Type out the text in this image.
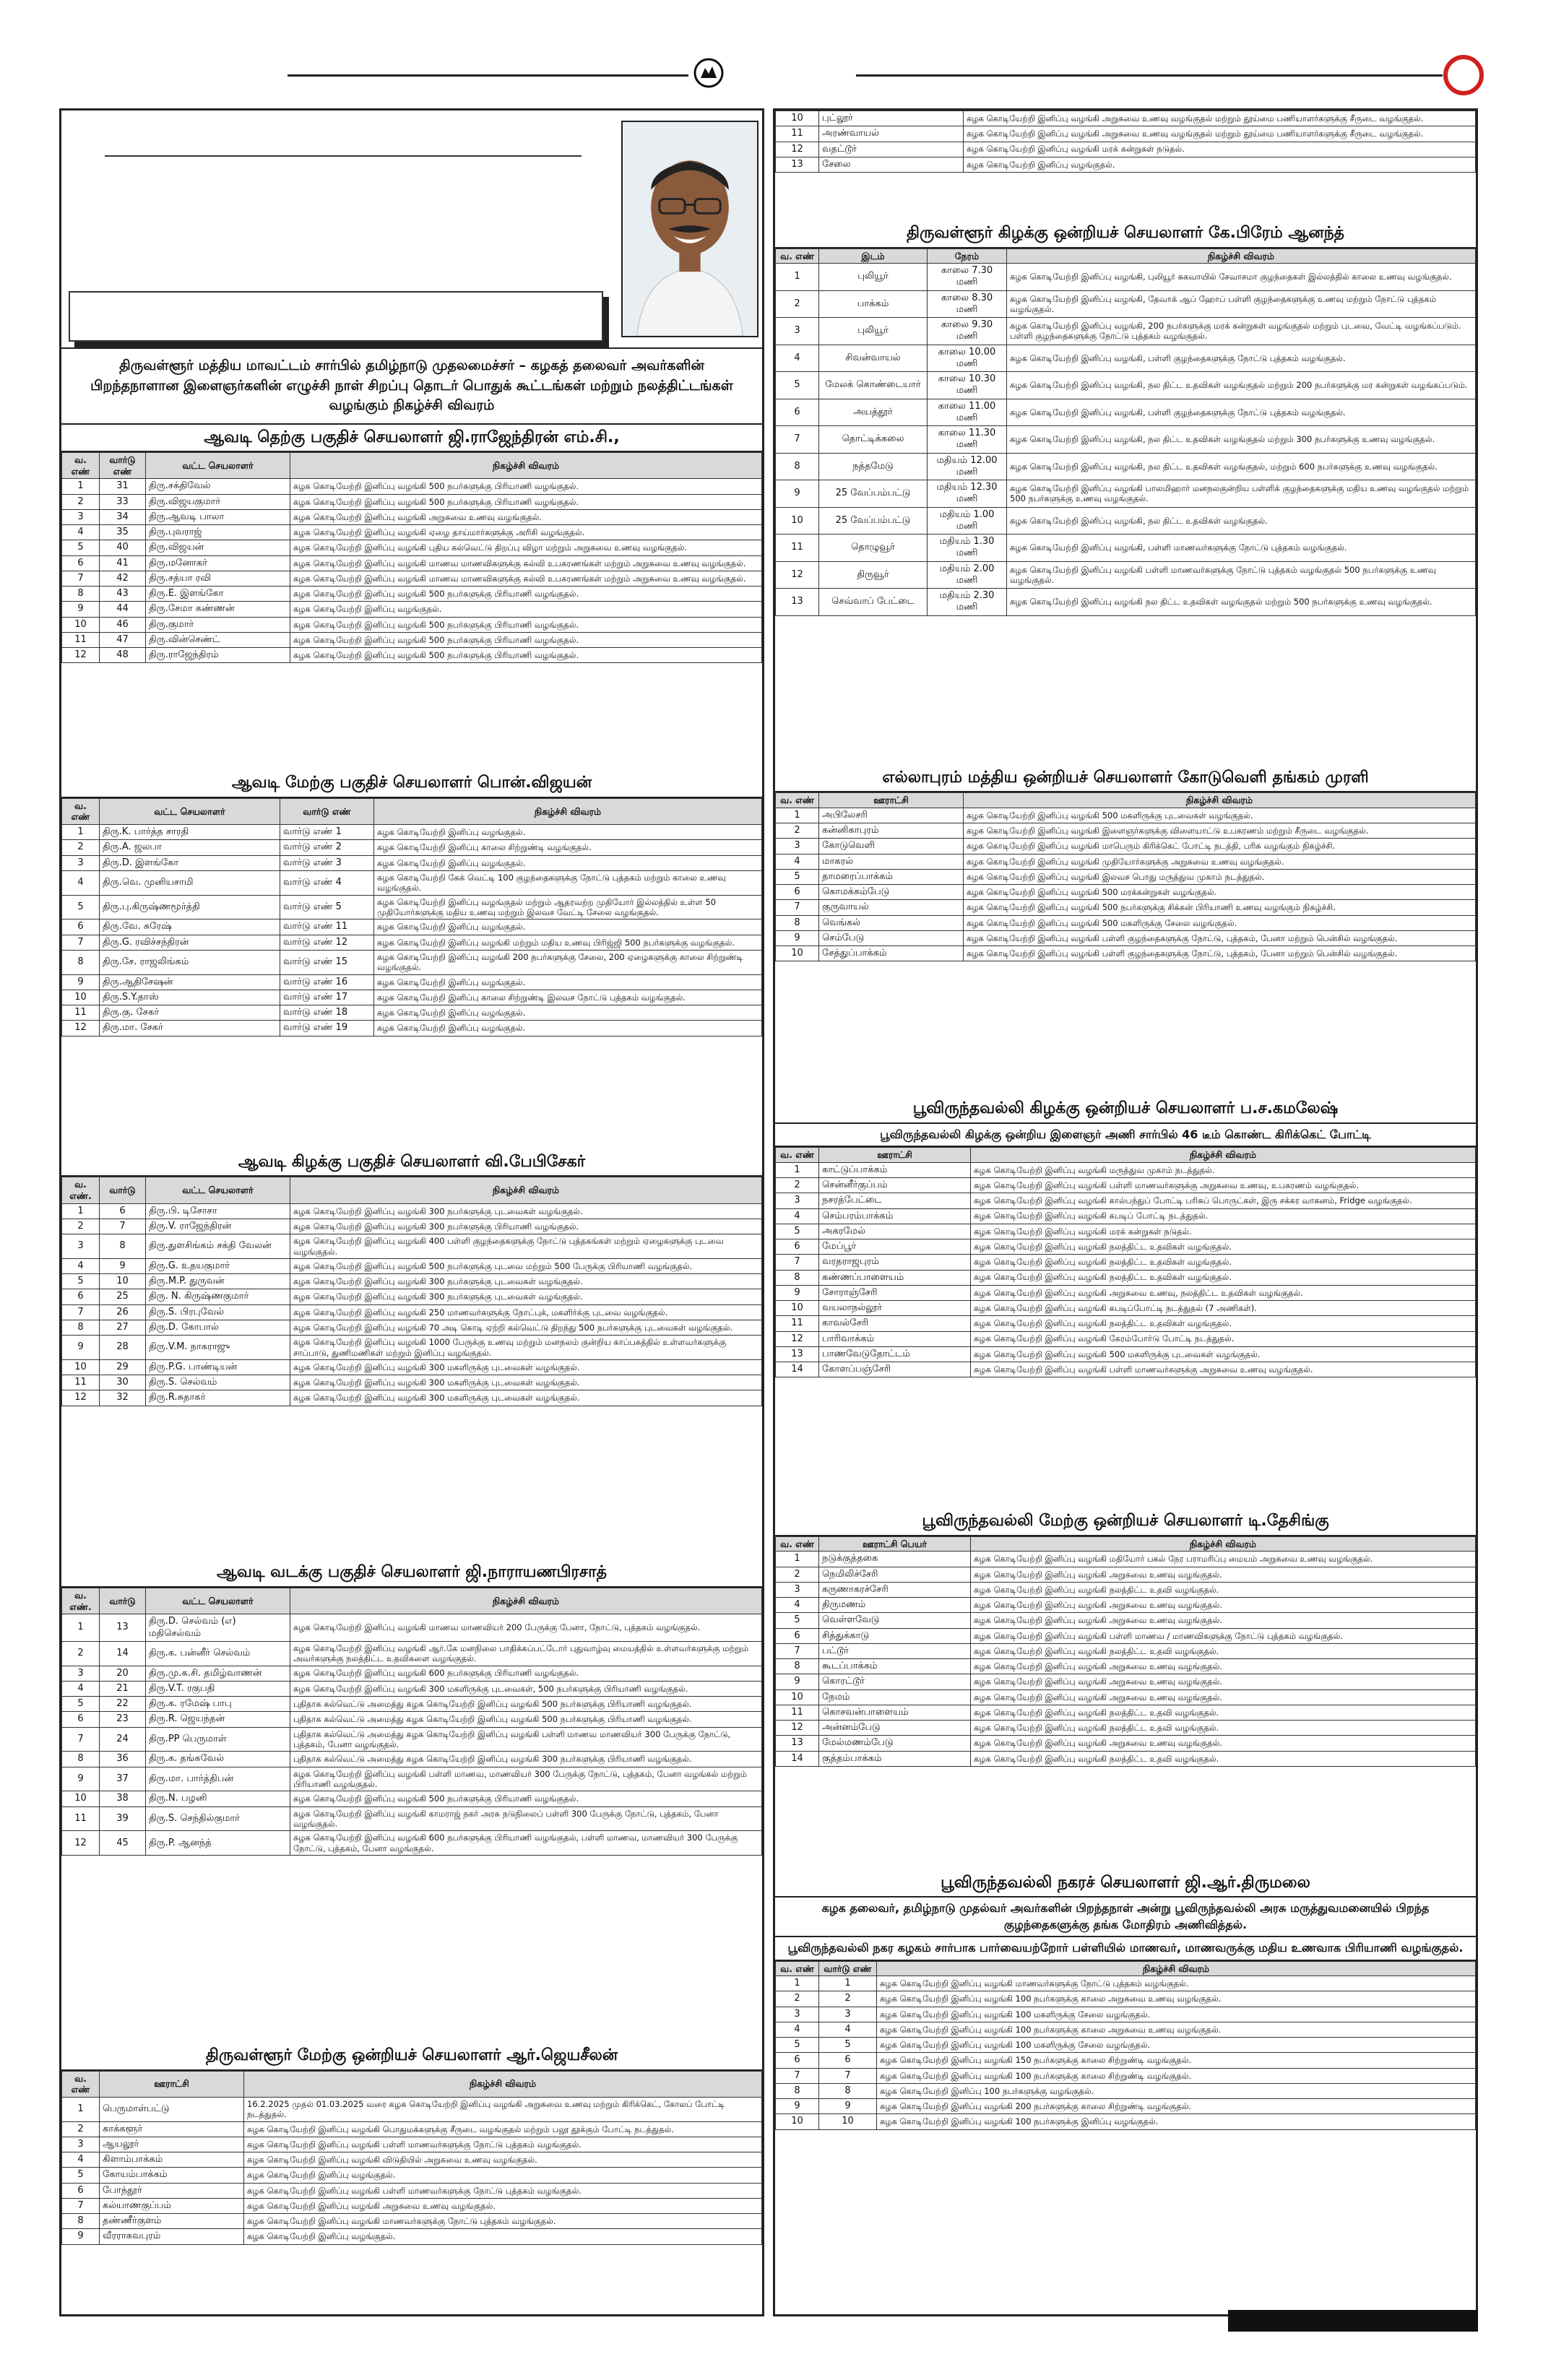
திருவள்ளூர் மத்திய மாவட்டம் சார்பில் தமிழ்நாடு முதலமைச்சர் – கழகத் தலைவர் அவர்களின் பிறந்தநாளான இளைஞர்களின் எழுச்சி நாள் சிறப்பு தொடர் பொதுக் கூட்டங்கள் மற்றும் நலத்திட்டங்கள் வழங்கும் நிகழ்ச்சி விவரம்
ஆவடி தெற்கு பகுதிச் செயலாளர் ஜி.ராஜேந்திரன் எம்.சி.,
வ. எண்	வார்டு எண்	வட்ட செயலாளர்	நிகழ்ச்சி விவரம்
1	31	திரு.சக்திவேல்	கழக கொடியேற்றி இனிப்பு வழங்கி 500 நபர்களுக்கு பிரியாணி வழங்குதல்.
2	33	திரு.விஜயகுமார்	கழக கொடியேற்றி இனிப்பு வழங்கி 500 நபர்களுக்கு பிரியாணி வழங்குதல்.
3	34	திரு.ஆவடி பாலா	கழக கொடியேற்றி இனிப்பு வழங்கி அறுசுவை உணவு வழங்குதல்.
4	35	திரு.புவராஜ்	கழக கொடியேற்றி இனிப்பு வழங்கி ஏழை தாய்மார்களுக்கு அரிசி வழங்குதல்.
5	40	திரு.விஜயன்	கழக கொடியேற்றி இனிப்பு வழங்கி புதிய கல்வெட்டு திறப்பு விழா மற்றும் அறுசுவை உணவு வழங்குதல்.
6	41	திரு.மனோகர்	கழக கொடியேற்றி இனிப்பு வழங்கி மாணவ மாணவிகளுக்கு கல்வி உபகரணங்கள் மற்றும் அறுசுவை உணவு வழங்குதல்.
7	42	திரு.சத்யா ரவி	கழக கொடியேற்றி இனிப்பு வழங்கி மாணவ மாணவிகளுக்கு கல்வி உபகரணங்கள் மற்றும் அறுசுவை உணவு வழங்குதல்.
8	43	திரு.E. இளங்கோ	கழக கொடியேற்றி இனிப்பு வழங்கி 500 நபர்களுக்கு பிரியாணி வழங்குதல்.
9	44	திரு.சேமா கண்ணன்	கழக கொடியேற்றி இனிப்பு வழங்குதல்.
10	46	திரு.குமார்	கழக கொடியேற்றி இனிப்பு வழங்கி 500 நபர்களுக்கு பிரியாணி வழங்குதல்.
11	47	திரு.வின்செண்ட்	கழக கொடியேற்றி இனிப்பு வழங்கி 500 நபர்களுக்கு பிரியாணி வழங்குதல்.
12	48	திரு.ராஜேந்திரம்	கழக கொடியேற்றி இனிப்பு வழங்கி 500 நபர்களுக்கு பிரியாணி வழங்குதல்.
ஆவடி மேற்கு பகுதிச் செயலாளர் பொன்.விஜயன்
வ. எண்	வட்ட செயலாளர்	வார்டு எண்	நிகழ்ச்சி விவரம்
1	திரு.K. பார்த்த சாரதி	வார்டு எண் 1	கழக கொடியேற்றி இனிப்பு வழங்குதல்.
2	திரு.A. ஜலபா	வார்டு எண் 2	கழக கொடியேற்றி இனிப்பு காலை சிற்றுண்டி வழங்குதல்.
3	திரு.D. இளங்கோ	வார்டு எண் 3	கழக கொடியேற்றி இனிப்பு வழங்குதல்.
4	திரு.வெ. முனியசாமி	வார்டு எண் 4	கழக கொடியேற்றி கேக் வெட்டி 100 குழந்தைகளுக்கு நோட்டு புத்தகம் மற்றும் காலை உணவு வழங்குதல்.
5	திரு.பு.கிருஷ்ணமூர்த்தி	வார்டு எண் 5	கழக கொடியேற்றி இனிப்பு வழங்குதல் மற்றும் ஆதரவற்ற முதியோர் இல்லத்தில் உள்ள 50 முதியோர்களுக்கு மதிய உணவு மற்றும் இலவச வேட்டி சேலை வழங்குதல்.
6	திரு.வே. சுரேஷ்	வார்டு எண் 11	கழக கொடியேற்றி இனிப்பு வழங்குதல்.
7	திரு.G. ரவிச்சந்திரன்	வார்டு எண் 12	கழக கொடியேற்றி இனிப்பு வழங்கி மற்றும் மதிய உணவு பிரிஜ்ஜி 500 நபர்களுக்கு வழங்குதல்.
8	திரு.சே. ராஜலிங்கம்	வார்டு எண் 15	கழக கொடியேற்றி இனிப்பு வழங்கி 200 நபர்களுக்கு சேலை, 200 ஏழைகளுக்கு காலை சிற்றுண்டி வழங்குதல்.
9	திரு.ஆதிசேஷன்	வார்டு எண் 16	கழக கொடியேற்றி இனிப்பு வழங்குதல்.
10	திரு.S.Y.தாஸ்	வார்டு எண் 17	கழக கொடியேற்றி இனிப்பு காலை சிற்றுண்டி இலவச நோட்டு புத்தகம் வழங்குதல்.
11	திரு.கு. சேகர்	வார்டு எண் 18	கழக கொடியேற்றி இனிப்பு வழங்குதல்.
12	திரு.மா. சேகர்	வார்டு எண் 19	கழக கொடியேற்றி இனிப்பு வழங்குதல்.
ஆவடி கிழக்கு பகுதிச் செயலாளர் வி.பேபிசேகர்
வ. எண்.	வார்டு	வட்ட செயலாளர்	நிகழ்ச்சி விவரம்
1	6	திரு.பி. டிசோசா	கழக கொடியேற்றி இனிப்பு வழங்கி 300 நபர்களுக்கு புடவைகள் வழங்குதல்.
2	7	திரு.V. ராஜேந்திரன்	கழக கொடியேற்றி இனிப்பு வழங்கி 300 நபர்களுக்கு பிரியாணி வழங்குதல்.
3	8	திரு.துளசிங்கம் சக்தி வேலன்	கழக கொடியேற்றி இனிப்பு வழங்கி 400 பள்ளி குழந்தைகளுக்கு நோட்டு புத்தகங்கள் மற்றும் ஏழைகளுக்கு புடவை வழங்குதல்.
4	9	திரு.G. உதயகுமார்	கழக கொடியேற்றி இனிப்பு வழங்கி 500 நபர்களுக்கு புடவை மற்றும் 500 பேருக்கு பிரியாணி வழங்குதல்.
5	10	திரு.M.P. துருவன்	கழக கொடியேற்றி இனிப்பு வழங்கி 300 நபர்களுக்கு புடவைகள் வழங்குதல்.
6	25	திரு. N. கிருஷ்ணகுமார்	கழக கொடியேற்றி இனிப்பு வழங்கி 300 நபர்களுக்கு புடவைகள் வழங்குதல்.
7	26	திரு.S. பிரபுவேல்	கழக கொடியேற்றி இனிப்பு வழங்கி 250 மாணவர்களுக்கு நோட்புக், மகளிர்க்கு புடவை வழங்குதல்.
8	27	திரு.D. கோபால்	கழக கொடியேற்றி இனிப்பு வழங்கி 70 அடி கொடி ஏற்றி கல்வெட்டு திறந்து 500 நபர்களுக்கு புடவைகள் வழங்குதல்.
9	28	திரு.V.M. நாகராஜு	கழக கொடியேற்றி இனிப்பு வழங்கி 1000 பேருக்கு உணவு மற்றும் மனநலம் குன்றிய காப்பகத்தில் உள்ளவர்களுக்கு சாப்பாடு, துணிமணிகள் மற்றும் இனிப்பு வழங்குதல்.
10	29	திரு.P.G. பாண்டியன்	கழக கொடியேற்றி இனிப்பு வழங்கி 300 மகளிருக்கு புடவைகள் வழங்குதல்.
11	30	திரு.S. செல்வம்	கழக கொடியேற்றி இனிப்பு வழங்கி 300 மகளிருக்கு புடவைகள் வழங்குதல்.
12	32	திரு.R.சுதாகர்	கழக கொடியேற்றி இனிப்பு வழங்கி 300 மகளிருக்கு புடவைகள் வழங்குதல்.
ஆவடி வடக்கு பகுதிச் செயலாளர் ஜி.நாராயணபிரசாத்
வ. எண்.	வார்டு	வட்ட செயலாளர்	நிகழ்ச்சி விவரம்
1	13	திரு.D. செல்வம் (எ) மதிசெல்வம்	கழக கொடியேற்றி இனிப்பு வழங்கி மாணவ மாணவியர் 200 பேருக்கு பேனா, நோட்டு, புத்தகம் வழங்குதல்.
2	14	திரு.க. பன்னீர் செல்வம்	கழக கொடியேற்றி இனிப்பு வழங்கி ஆர்.கே மனநிலை பாதிக்கப்பட்டோர் புதுவாழ்வு மையத்தில் உள்ளவர்களுக்கு மற்றும் அவர்களுக்கு நலத்திட்ட உதவிகளை வழங்குதல்.
3	20	திரு.மு.க.சி. தமிழ்வாணன்	கழக கொடியேற்றி இனிப்பு வழங்கி 600 நபர்களுக்கு பிரியாணி வழங்குதல்.
4	21	திரு.V.T. ரகுபதி	கழக கொடியேற்றி இனிப்பு வழங்கி 300 மகளிருக்கு புடவைகள், 500 நபர்களுக்கு பிரியாணி வழங்குதல்.
5	22	திரு.க. ரமேஷ் பாபு	புதிதாக கல்வெட்டு அமைத்து கழக கொடியேற்றி இனிப்பு வழங்கி 500 நபர்களுக்கு பிரியாணி வழங்குதல்.
6	23	திரு.R. ஜெயந்தன்	புதிதாக கல்வெட்டு அமைத்து கழக கொடியேற்றி இனிப்பு வழங்கி 500 நபர்களுக்கு பிரியாணி வழங்குதல்.
7	24	திரு.PP பெருமாள்	புதிதாக கல்வெட்டு அமைத்து கழக கொடியேற்றி இனிப்பு வழங்கி பள்ளி மாணவ மாணவியர் 300 பேருக்கு நோட்டு, புத்தகம், பேனா வழங்குதல்.
8	36	திரு.க. தங்கவேல்	புதிதாக கல்வெட்டு அமைத்து கழக கொடியேற்றி இனிப்பு வழங்கி 300 நபர்களுக்கு பிரியாணி வழங்குதல்.
9	37	திரு.மா. பார்த்திபன்	கழக கொடியேற்றி இனிப்பு வழங்கி பள்ளி மாணவ, மாணவியர் 300 பேருக்கு நோட்டு, புத்தகம், பேனா வழங்கல் மற்றும் பிரியாணி வழங்குதல்.
10	38	திரு.N. பழனி	கழக கொடியேற்றி இனிப்பு வழங்கி 500 நபர்களுக்கு பிரியாணி வழங்குதல்.
11	39	திரு.S. செந்தில்குமார்	கழக கொடியேற்றி இனிப்பு வழங்கி காமராஜ் நகர் அரசு நடுநிலைப் பள்ளி 300 பேருக்கு நோட்டு, புத்தகம், பேனா வழங்குதல்.
12	45	திரு.P. ஆனந்த்	கழக கொடியேற்றி இனிப்பு வழங்கி 600 நபர்களுக்கு பிரியாணி வழங்குதல், பள்ளி மாணவ, மாணவியர் 300 பேருக்கு நோட்டு, புத்தகம், பேனா வழங்குதல்.
திருவள்ளூர் மேற்கு ஒன்றியச் செயலாளர் ஆர்.ஜெயசீலன்
வ. எண்	ஊராட்சி	நிகழ்ச்சி விவரம்
1	பெருமாள்பட்டு	16.2.2025 முதல் 01.03.2025 வரை கழக கொடியேற்றி இனிப்பு வழங்கி அறுசுவை உணவு மற்றும் கிரிக்கெட், கோலப் போட்டி நடத்துதல்.
2	காக்களூர்	கழக கொடியேற்றி இனிப்பு வழங்கி பொதுமக்களுக்கு சீருடை வழங்குதல் மற்றும் பலூ தூக்கும் போட்டி நடத்துதல்.
3	ஆயலூர்	கழக கொடியேற்றி இனிப்பு வழங்கி பள்ளி மாணவர்களுக்கு நோட்டு புத்தகம் வழங்குதல்.
4	கிளாம்பாக்கம்	கழக கொடியேற்றி இனிப்பு வழங்கி விடுதியில் அறுசுவை உணவு வழங்குதல்.
5	கோயம்பாக்கம்	கழக கொடியேற்றி இனிப்பு வழங்குதல்.
6	போந்தூர்	கழக கொடியேற்றி இனிப்பு வழங்கி பள்ளி மாணவர்களுக்கு நோட்டு புத்தகம் வழங்குதல்.
7	கல்யாணகுப்பம்	கழக கொடியேற்றி இனிப்பு வழங்கி அறுசுவை உணவு வழங்குதல்.
8	தண்ணீர்குளம்	கழக கொடியேற்றி இனிப்பு வழங்கி மாணவர்களுக்கு நோட்டு புத்தகம் வழங்குதல்.
9	வீரராகவபுரம்	கழக கொடியேற்றி இனிப்பு வழங்குதல்.
10	புட்லூர்	கழக கொடியேற்றி இனிப்பு வழங்கி அறுசுவை உணவு வழங்குதல் மற்றும் தூய்மை பணியாளர்களுக்கு சீருடை வழங்குதல்.
11	அரண்வாயல்	கழக கொடியேற்றி இனிப்பு வழங்கி அறுசுவை உணவு வழங்குதல் மற்றும் தூய்மை பணியாளர்களுக்கு சீருடை வழங்குதல்.
12	வதட்டூர்	கழக கொடியேற்றி இனிப்பு வழங்கி மரக் கன்றுகள் நடுதல்.
13	சேலை	கழக கொடியேற்றி இனிப்பு வழங்குதல்.
திருவள்ளூர் கிழக்கு ஒன்றியச் செயலாளர் கே.பிரேம் ஆனந்த்
வ. எண்	இடம்	நேரம்	நிகழ்ச்சி விவரம்
1	புலியூர்	காலை 7.30 மணி	கழக கொடியேற்றி இனிப்பு வழங்கி, புலியூர் சுகவாயில் சேவாசமா குழந்தைகள் இல்லத்தில் காலை உணவு வழங்குதல்.
2	பாக்கம்	காலை 8.30 மணி	கழக கொடியேற்றி இனிப்பு வழங்கி, தேவாக் ஆப் ஹோப் பள்ளி குழந்தைகளுக்கு உணவு மற்றும் நோட்டு புத்தகம் வழங்குதல்.
3	புலியூர்	காலை 9.30 மணி	கழக கொடியேற்றி இனிப்பு வழங்கி, 200 நபர்களுக்கு மரக் கன்றுகள் வழங்குதல் மற்றும் புடவை, வேட்டி வழங்கப்படும். பள்ளி குழந்தைகளுக்கு நோட்டு புத்தகம் வழங்குதல்.
4	சிவன்வாயல்	காலை 10.00 மணி	கழக கொடியேற்றி இனிப்பு வழங்கி, பள்ளி குழந்தைகளுக்கு நோட்டு புத்தகம் வழங்குதல்.
5	மேலக் கொண்டையார்	காலை 10.30 மணி	கழக கொடியேற்றி இனிப்பு வழங்கி, நல திட்ட உதவிகள் வழங்குதல் மற்றும் 200 நபர்களுக்கு மர கன்றுகள் வழங்கப்படும்.
6	அயத்தூர்	காலை 11.00 மணி	கழக கொடியேற்றி இனிப்பு வழங்கி, பள்ளி குழந்தைகளுக்கு நோட்டு புத்தகம் வழங்குதல்.
7	தொட்டிக்கலை	காலை 11.30 மணி	கழக கொடியேற்றி இனிப்பு வழங்கி, நல திட்ட உதவிகள் வழங்குதல் மற்றும் 300 நபர்களுக்கு உணவு வழங்குதல்.
8	நத்தமேடு	மதியம் 12.00 மணி	கழக கொடியேற்றி இனிப்பு வழங்கி, நல திட்ட உதவிகள் வழங்குதல், மற்றும் 600 நபர்களுக்கு உணவு வழங்குதல்.
9	25 வேப்பம்பட்டு	மதியம் 12.30 மணி	கழக கொடியேற்றி இனிப்பு வழங்கி பாலமிஹார் மனநலகுன்றிய பள்ளிக் குழந்தைகளுக்கு மதிய உணவு வழங்குதல் மற்றும் 500 நபர்களுக்கு உணவு வழங்குதல்.
10	25 வேப்பம்பட்டு	மதியம் 1.00 மணி	கழக கொடியேற்றி இனிப்பு வழங்கி, நல திட்ட உதவிகள் வழங்குதல்.
11	தொழுவூர்	மதியம் 1.30 மணி	கழக கொடியேற்றி இனிப்பு வழங்கி, பள்ளி மாணவர்களுக்கு நோட்டு புத்தகம் வழங்குதல்.
12	திருவூர்	மதியம் 2.00 மணி	கழக கொடியேற்றி இனிப்பு வழங்கி பள்ளி மாணவர்களுக்கு நோட்டு புத்தகம் வழங்குதல் 500 நபர்களுக்கு உணவு வழங்குதல்.
13	செவ்வாப் பேட்டை	மதியம் 2.30 மணி	கழக கொடியேற்றி இனிப்பு வழங்கி நல திட்ட உதவிகள் வழங்குதல் மற்றும் 500 நபர்களுக்கு உணவு வழங்குதல்.
எல்லாபுரம் மத்திய ஒன்றியச் செயலாளர் கோடுவெளி தங்கம் முரளி
வ. எண்	ஊராட்சி	நிகழ்ச்சி விவரம்
1	அபிலேசரி	கழக கொடியேற்றி இனிப்பு வழங்கி 500 மகளிருக்கு புடவைகள் வழங்குதல்.
2	கன்னிகாபுரம்	கழக கொடியேற்றி இனிப்பு வழங்கி இளைஞர்களுக்கு விளையாட்டு உபகரணம் மற்றும் சீருடை வழங்குதல்.
3	கோடுவெளி	கழக கொடியேற்றி இனிப்பு வழங்கி மாபெரும் கிரிக்கெட் போட்டி நடத்தி, பரிசு வழங்கும் நிகழ்ச்சி.
4	மாகரல்	கழக கொடியேற்றி இனிப்பு வழங்கி முதியோர்களுக்கு அறுசுவை உணவு வழங்குதல்.
5	தாமரைப்பாக்கம்	கழக கொடியேற்றி இனிப்பு வழங்கி இலவச பொது மருத்துவ முகாம் நடத்துதல்.
6	கொமக்கம்பேடு	கழக கொடியேற்றி இனிப்பு வழங்கி 500 மரக்கன்றுகள் வழங்குதல்.
7	குருவாயல்	கழக கொடியேற்றி இனிப்பு வழங்கி 500 நபர்களுக்கு சிக்கன் பிரியாணி உணவு வழங்கும் நிகழ்ச்சி.
8	வெங்கல்	கழக கொடியேற்றி இனிப்பு வழங்கி 500 மகளிருக்கு சேலை வழங்குதல்.
9	செம்பேடு	கழக கொடியேற்றி இனிப்பு வழங்கி பள்ளி குழந்தைகளுக்கு நோட்டு, புத்தகம், பேனா மற்றும் பென்சில் வழங்குதல்.
10	சேத்துப்பாக்கம்	கழக கொடியேற்றி இனிப்பு வழங்கி பள்ளி குழந்தைகளுக்கு நோட்டு, புத்தகம், பேனா மற்றும் பென்சில் வழங்குதல்.
பூவிருந்தவல்லி கிழக்கு ஒன்றியச் செயலாளர் ப.ச.கமலேஷ்
பூவிருந்தவல்லி கிழக்கு ஒன்றிய இளைஞர் அணி சார்பில் 46 டீம் கொண்ட கிரிக்கெட் போட்டி
வ. எண்	ஊராட்சி	நிகழ்ச்சி விவரம்
1	காட்டுப்பாக்கம்	கழக கொடியேற்றி இனிப்பு வழங்கி மருத்துவ முகாம் நடத்துதல்.
2	சென்னீர்குப்பம்	கழக கொடியேற்றி இனிப்பு வழங்கி பள்ளி மாணவர்களுக்கு அறுசுவை உணவு, உபகரணம் வழங்குதல்.
3	நசரத்பேட்டை	கழக கொடியேற்றி இனிப்பு வழங்கி கால்பந்துப் போட்டி பரிசுப் பொருட்கள், இரு சக்கர வாகனம், Fridge வழங்குதல்.
4	செம்பரம்பாக்கம்	கழக கொடியேற்றி இனிப்பு வழங்கி கபடிப் போட்டி நடத்துதல்.
5	அகரமேல்	கழக கொடியேற்றி இனிப்பு வழங்கி மரக் கன்றுகள் நடுதல்.
6	மேப்பூர்	கழக கொடியேற்றி இனிப்பு வழங்கி நலத்திட்ட உதவிகள் வழங்குதல்.
7	வரதராஜபுரம்	கழக கொடியேற்றி இனிப்பு வழங்கி நலத்திட்ட உதவிகள் வழங்குதல்.
8	கண்ணப்பாளையம்	கழக கொடியேற்றி இனிப்பு வழங்கி நலத்திட்ட உதவிகள் வழங்குதல்.
9	சோராஞ்சேரி	கழக கொடியேற்றி இனிப்பு வழங்கி அறுசுவை உணவு, நலத்திட்ட உதவிகள் வழங்குதல்.
10	வயலாநல்லூர்	கழக கொடியேற்றி இனிப்பு வழங்கி கபடிப்போட்டி நடத்துதல் (7 அணிகள்).
11	காவல்சேரி	கழக கொடியேற்றி இனிப்பு வழங்கி நலத்திட்ட உதவிகள் வழங்குதல்.
12	பாரிவாக்கம்	கழக கொடியேற்றி இனிப்பு வழங்கி கேரம்போர்டு போட்டி நடத்துதல்.
13	பாணவேடுதோட்டம்	கழக கொடியேற்றி இனிப்பு வழங்கி 500 மகளிருக்கு புடவைகள் வழங்குதல்.
14	கோளப்பஞ்சேரி	கழக கொடியேற்றி இனிப்பு வழங்கி பள்ளி மாணவர்களுக்கு அறுசுவை உணவு வழங்குதல்.
பூவிருந்தவல்லி மேற்கு ஒன்றியச் செயலாளர் டி.தேசிங்கு
வ. எண்	ஊராட்சி பெயர்	நிகழ்ச்சி விவரம்
1	நடுக்குத்தகை	கழக கொடியேற்றி இனிப்பு வழங்கி மதியோர் பகல் நேர பராமரிப்பு மையம் அறுசுவை உணவு வழங்குதல்.
2	நெமிலிச்சேரி	கழக கொடியேற்றி இனிப்பு வழங்கி அறுசுவை உணவு வழங்குதல்.
3	கருணாகரச்சேரி	கழக கொடியேற்றி இனிப்பு வழங்கி நலத்திட்ட உதவி வழங்குதல்.
4	திருமணம்	கழக கொடியேற்றி இனிப்பு வழங்கி அறுசுவை உணவு வழங்குதல்.
5	வெள்ளவேடு	கழக கொடியேற்றி இனிப்பு வழங்கி அறுசுவை உணவு வழங்குதல்.
6	சித்துக்காடு	கழக கொடியேற்றி இனிப்பு வழங்கி பள்ளி மாணவ / மாணவிகளுக்கு நோட்டு புத்தகம் வழங்குதல்.
7	பட்டூர்	கழக கொடியேற்றி இனிப்பு வழங்கி நலத்திட்ட உதவி வழங்குதல்.
8	கூடப்பாக்கம்	கழக கொடியேற்றி இனிப்பு வழங்கி அறுசுவை உணவு வழங்குதல்.
9	கொரட்டூர்	கழக கொடியேற்றி இனிப்பு வழங்கி அறுசுவை உணவு வழங்குதல்.
10	நேமம்	கழக கொடியேற்றி இனிப்பு வழங்கி அறுசுவை உணவு வழங்குதல்.
11	கொசவன்பாளையம்	கழக கொடியேற்றி இனிப்பு வழங்கி நலத்திட்ட உதவி வழங்குதல்.
12	அன்னம்பேடு	கழக கொடியேற்றி இனிப்பு வழங்கி நலத்திட்ட உதவி வழங்குதல்.
13	மேல்மணம்பேடு	கழக கொடியேற்றி இனிப்பு வழங்கி அறுசுவை உணவு வழங்குதல்.
14	குத்தம்பாக்கம்	கழக கொடியேற்றி இனிப்பு வழங்கி நலத்திட்ட உதவி வழங்குதல்.
பூவிருந்தவல்லி நகரச் செயலாளர் ஜி.ஆர்.திருமலை
கழக தலைவர், தமிழ்நாடு முதல்வர் அவர்களின் பிறந்தநாள் அன்று பூவிருந்தவல்லி அரசு மருத்துவமனையில் பிறந்த குழந்தைகளுக்கு தங்க மோதிரம் அணிவித்தல்.
பூவிருந்தவல்லி நகர கழகம் சார்பாக பார்வையற்றோர் பள்ளியில் மாணவர், மாணவருக்கு மதிய உணவாக பிரியாணி வழங்குதல்.
வ. எண்	வார்டு எண்	நிகழ்ச்சி விவரம்
1	1	கழக கொடியேற்றி இனிப்பு வழங்கி மாணவர்களுக்கு நோட்டு புத்தகம் வழங்குதல்.
2	2	கழக கொடியேற்றி இனிப்பு வழங்கி 100 நபர்களுக்கு காலை அறுசுவை உணவு வழங்குதல்.
3	3	கழக கொடியேற்றி இனிப்பு வழங்கி 100 மகளிருக்கு சேலை வழங்குதல்.
4	4	கழக கொடியேற்றி இனிப்பு வழங்கி 100 நபர்களுக்கு காலை அறுசுவை உணவு வழங்குதல்.
5	5	கழக கொடியேற்றி இனிப்பு வழங்கி 100 மகளிருக்கு சேலை வழங்குதல்.
6	6	கழக கொடியேற்றி இனிப்பு வழங்கி 150 நபர்களுக்கு காலை சிற்றுண்டி வழங்குதல்.
7	7	கழக கொடியேற்றி இனிப்பு வழங்கி 100 நபர்களுக்கு காலை சிற்றுண்டி வழங்குதல்.
8	8	கழக கொடியேற்றி இனிப்பு 100 நபர்களுக்கு வழங்குதல்.
9	9	கழக கொடியேற்றி இனிப்பு வழங்கி 200 நபர்களுக்கு காலை சிற்றுண்டி வழங்குதல்.
10	10	கழக கொடியேற்றி இனிப்பு வழங்கி 100 நபர்களுக்கு இனிப்பு வழங்குதல்.
